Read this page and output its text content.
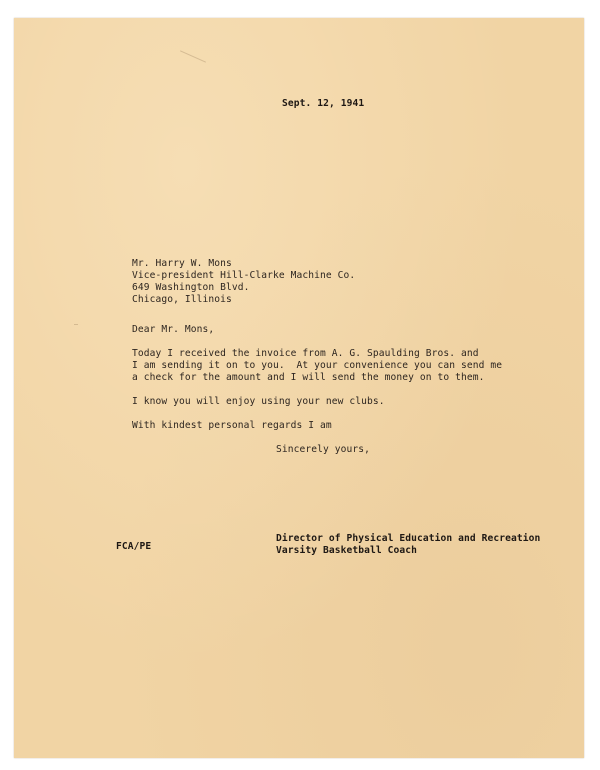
Sept. 12, 1941
Mr. Harry W. Mons
Vice-president Hill-Clarke Machine Co.
649 Washington Blvd.
Chicago, Illinois
Dear Mr. Mons,
Today I received the invoice from A. G. Spaulding Bros. and
I am sending it on to you.  At your convenience you can send me
a check for the amount and I will send the money on to them.
I know you will enjoy using your new clubs.
With kindest personal regards I am
Sincerely yours,
Director of Physical Education and Recreation
Varsity Basketball Coach
FCA/PE
